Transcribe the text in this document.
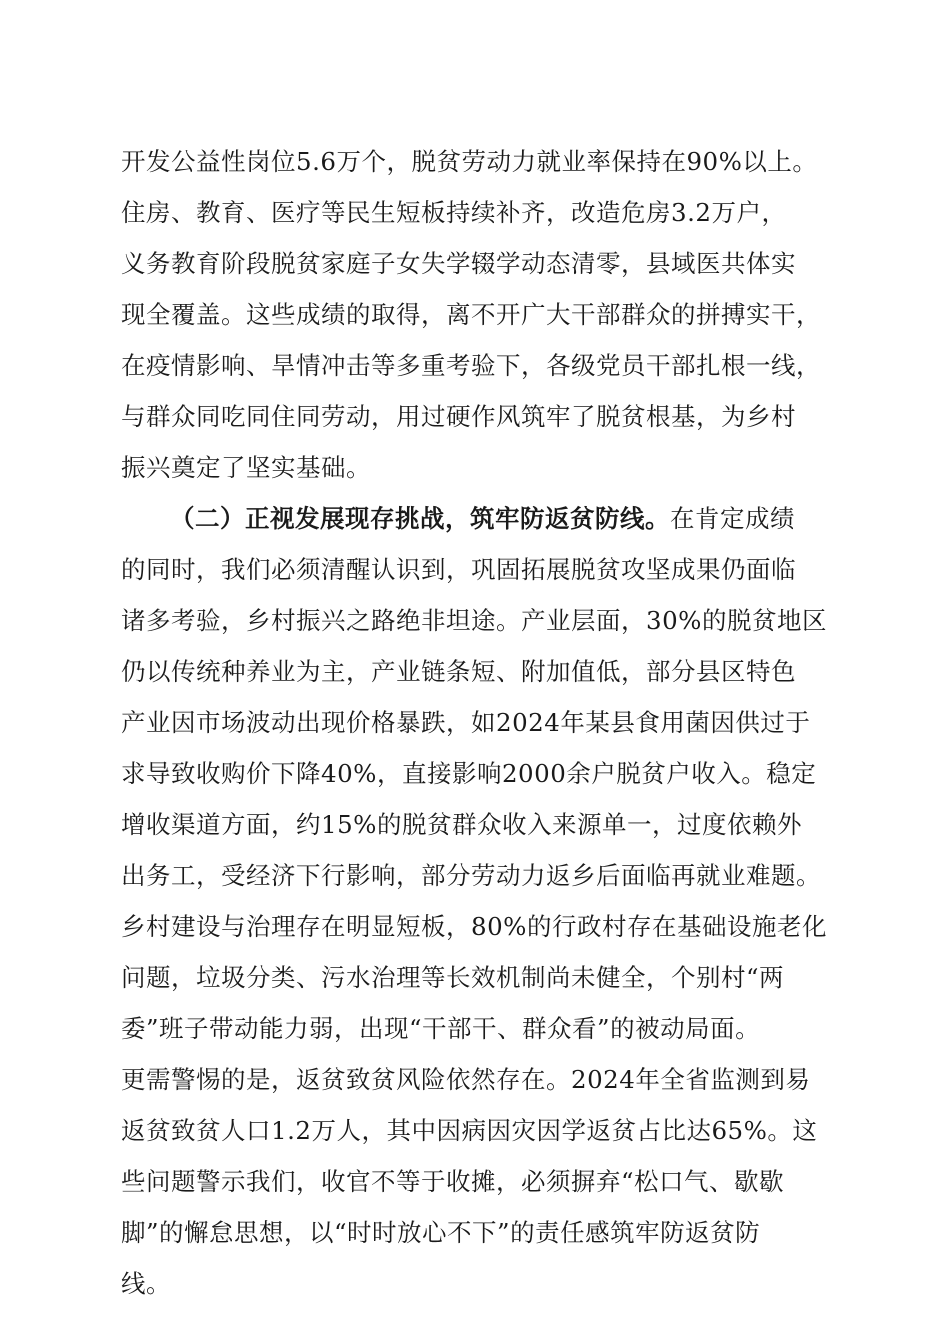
开发公益性岗位5.6万个，脱贫劳动力就业率保持在90%以上。
住房、教育、医疗等民生短板持续补齐，改造危房3.2万户，
义务教育阶段脱贫家庭子女失学辍学动态清零，县域医共体实
现全覆盖。这些成绩的取得，离不开广大干部群众的拼搏实干，
在疫情影响、旱情冲击等多重考验下，各级党员干部扎根一线，
与群众同吃同住同劳动，用过硬作风筑牢了脱贫根基，为乡村
振兴奠定了坚实基础。
（二）正视发展现存挑战，筑牢防返贫防线。在肯定成绩
的同时，我们必须清醒认识到，巩固拓展脱贫攻坚成果仍面临
诸多考验，乡村振兴之路绝非坦途。产业层面，30%的脱贫地区
仍以传统种养业为主，产业链条短、附加值低，部分县区特色
产业因市场波动出现价格暴跌，如2024年某县食用菌因供过于
求导致收购价下降40%，直接影响2000余户脱贫户收入。稳定
增收渠道方面，约15%的脱贫群众收入来源单一，过度依赖外
出务工，受经济下行影响，部分劳动力返乡后面临再就业难题。
乡村建设与治理存在明显短板，80%的行政村存在基础设施老化
问题，垃圾分类、污水治理等长效机制尚未健全，个别村“两
委”班子带动能力弱，出现“干部干、群众看”的被动局面。
更需警惕的是，返贫致贫风险依然存在。2024年全省监测到易
返贫致贫人口1.2万人，其中因病因灾因学返贫占比达65%。这
些问题警示我们，收官不等于收摊，必须摒弃“松口气、歇歇
脚”的懈怠思想，以“时时放心不下”的责任感筑牢防返贫防
线。
